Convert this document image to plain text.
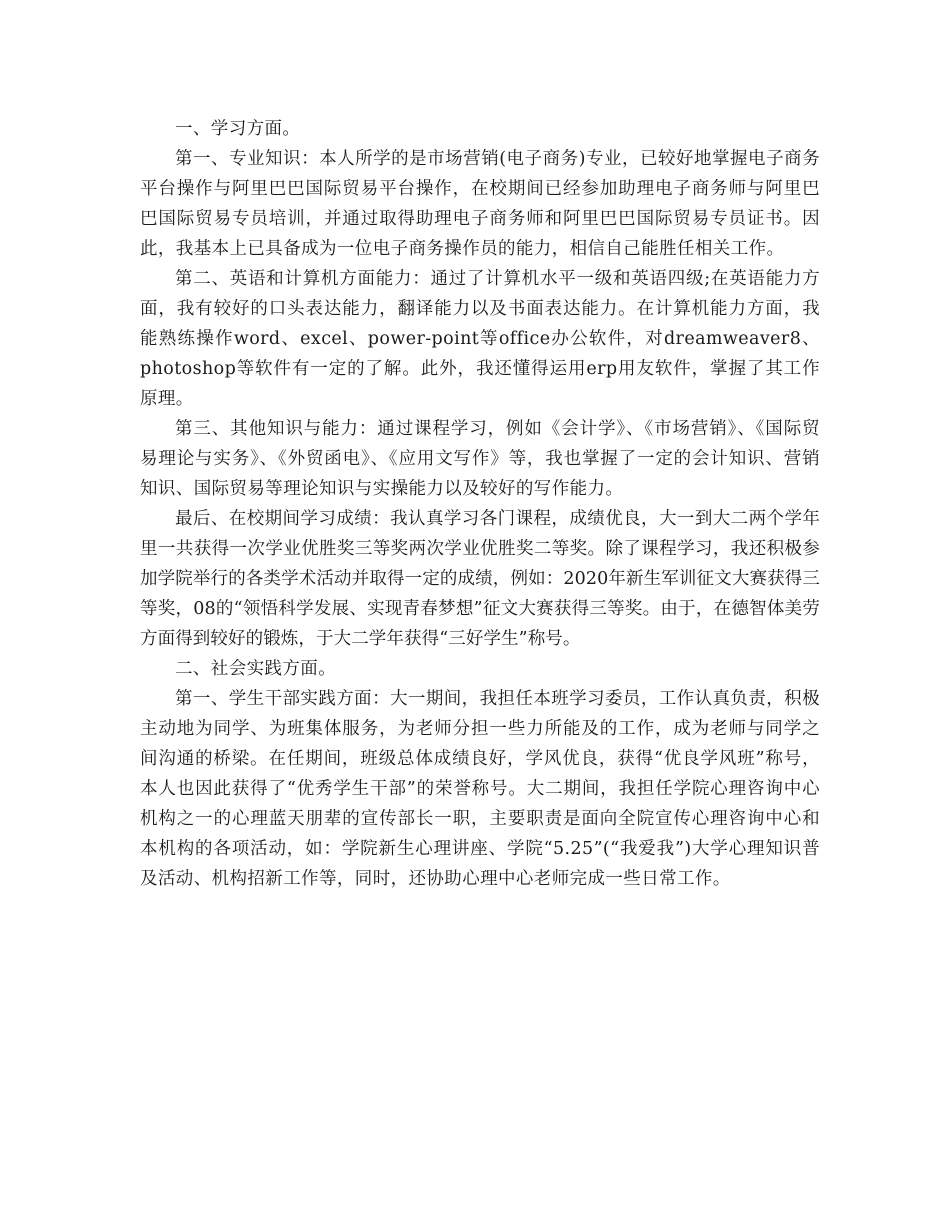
一、学习方面。

第一、专业知识：本人所学的是市场营销(电子商务)专业，已较好地掌握电子商务平台操作与阿里巴巴国际贸易平台操作，在校期间已经参加助理电子商务师与阿里巴巴国际贸易专员培训，并通过取得助理电子商务师和阿里巴巴国际贸易专员证书。因此，我基本上已具备成为一位电子商务操作员的能力，相信自己能胜任相关工作。

第二、英语和计算机方面能力：通过了计算机水平一级和英语四级;在英语能力方面，我有较好的口头表达能力，翻译能力以及书面表达能力。在计算机能力方面，我能熟练操作word、excel、power-point等office办公软件，对dreamweaver8、photoshop等软件有一定的了解。此外，我还懂得运用erp用友软件，掌握了其工作原理。

第三、其他知识与能力：通过课程学习，例如《会计学》、《市场营销》、《国际贸易理论与实务》、《外贸函电》、《应用文写作》等，我也掌握了一定的会计知识、营销知识、国际贸易等理论知识与实操能力以及较好的写作能力。

最后、在校期间学习成绩：我认真学习各门课程，成绩优良，大一到大二两个学年里一共获得一次学业优胜奖三等奖两次学业优胜奖二等奖。除了课程学习，我还积极参加学院举行的各类学术活动并取得一定的成绩，例如：2020年新生军训征文大赛获得三等奖，08的“领悟科学发展、实现青春梦想”征文大赛获得三等奖。由于，在德智体美劳方面得到较好的锻炼，于大二学年获得“三好学生”称号。

二、社会实践方面。

第一、学生干部实践方面：大一期间，我担任本班学习委员，工作认真负责，积极主动地为同学、为班集体服务，为老师分担一些力所能及的工作，成为老师与同学之间沟通的桥梁。在任期间，班级总体成绩良好，学风优良，获得“优良学风班”称号，本人也因此获得了“优秀学生干部”的荣誉称号。大二期间，我担任学院心理咨询中心机构之一的心理蓝天朋辈的宣传部长一职，主要职责是面向全院宣传心理咨询中心和本机构的各项活动，如：学院新生心理讲座、学院“5.25”(“我爱我”)大学心理知识普及活动、机构招新工作等，同时，还协助心理中心老师完成一些日常工作。
